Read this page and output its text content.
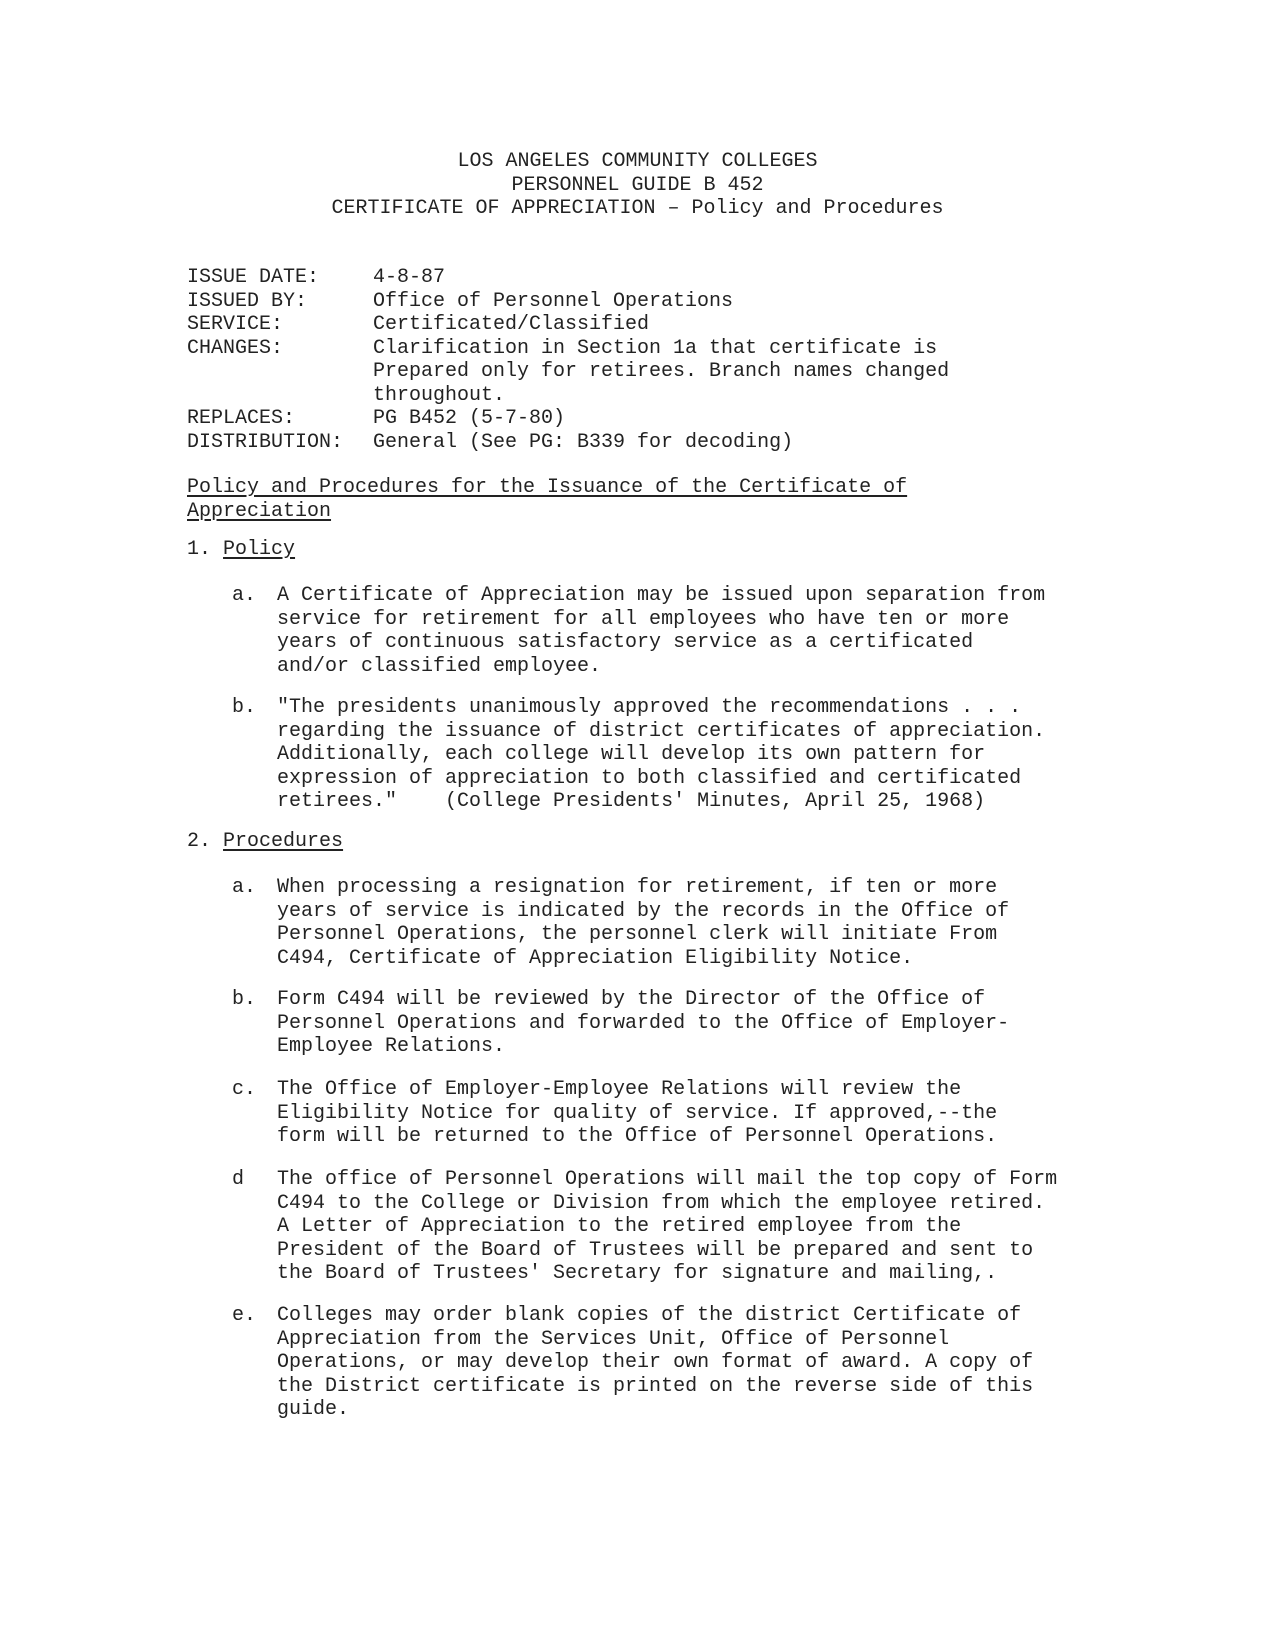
LOS ANGELES COMMUNITY COLLEGES
PERSONNEL GUIDE B 452
CERTIFICATE OF APPRECIATION – Policy and Procedures
ISSUE DATE:	4-8-87
ISSUED BY:	Office of Personnel Operations
SERVICE:	Certificated/Classified
CHANGES:	Clarification in Section 1a that certificate is Prepared only for retirees. Branch names changed throughout.
REPLACES:	PG B452 (5-7-80)
DISTRIBUTION:	General (See PG: B339 for decoding)
Policy and Procedures for the Issuance of the Certificate of Appreciation
1. Policy
a. A Certificate of Appreciation may be issued upon separation from
service for retirement for all employees who have ten or more
years of continuous satisfactory service as a certificated
and/or classified employee.
b. "The presidents unanimously approved the recommendations . . .
regarding the issuance of district certificates of appreciation.
Additionally, each college will develop its own pattern for
expression of appreciation to both classified and certificated
retirees."    (College Presidents' Minutes, April 25, 1968)
2. Procedures
a. When processing a resignation for retirement, if ten or more
years of service is indicated by the records in the Office of
Personnel Operations, the personnel clerk will initiate From
C494, Certificate of Appreciation Eligibility Notice.
b. Form C494 will be reviewed by the Director of the Office of
Personnel Operations and forwarded to the Office of Employer-
Employee Relations.
c. The Office of Employer-Employee Relations will review the
Eligibility Notice for quality of service. If approved,--the
form will be returned to the Office of Personnel Operations.
d The office of Personnel Operations will mail the top copy of Form
C494 to the College or Division from which the employee retired.
A Letter of Appreciation to the retired employee from the
President of the Board of Trustees will be prepared and sent to
the Board of Trustees' Secretary for signature and mailing,.
e. Colleges may order blank copies of the district Certificate of
Appreciation from the Services Unit, Office of Personnel
Operations, or may develop their own format of award. A copy of
the District certificate is printed on the reverse side of this
guide.
